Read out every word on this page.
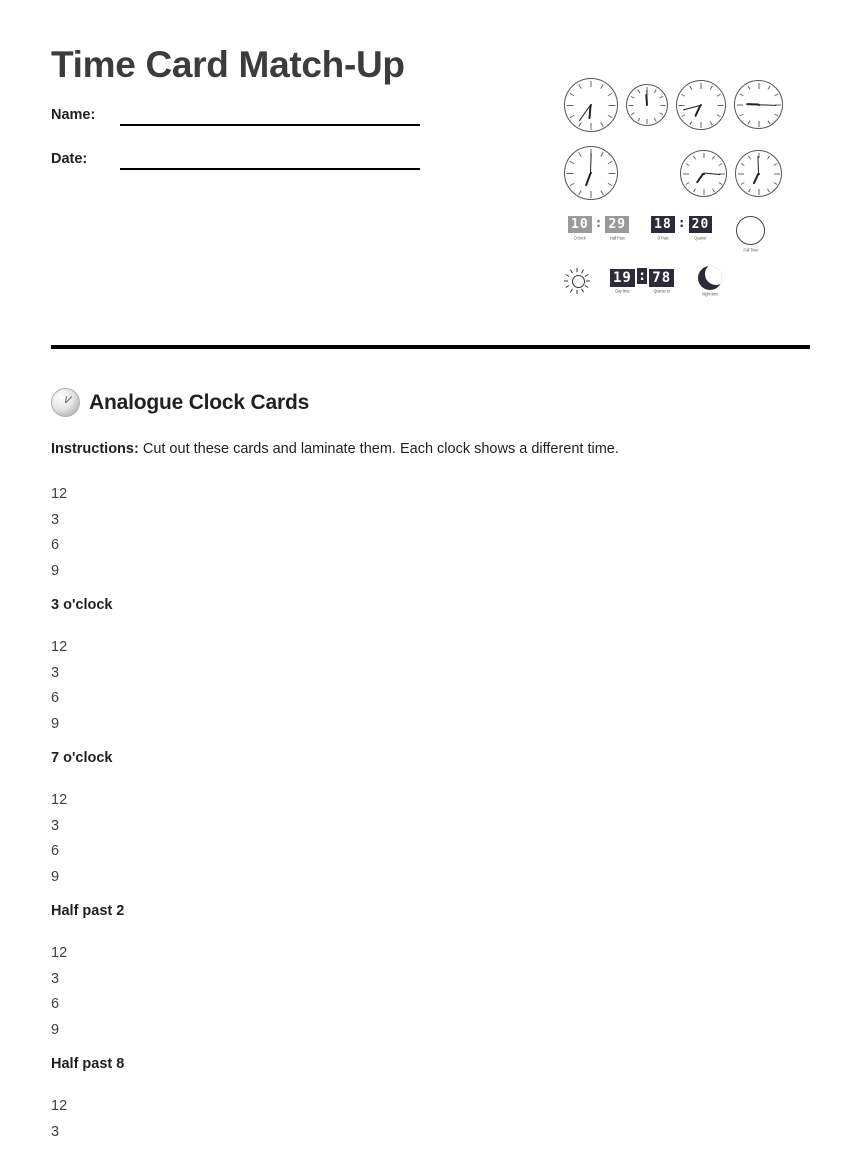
Time Card Match-Up
Name:
Date:
10
O'clock
: 29
Half Past
18
Ó Past
: 20
Quarter
Full Time
19
Day time
: 78
Quarter to
Night time
Analogue Clock Cards
Instructions: Cut out these cards and laminate them. Each clock shows a different time.
12
3
6
9
3 o'clock
12
3
6
9
7 o'clock
12
3
6
9
Half past 2
12
3
6
9
Half past 8
12
3
